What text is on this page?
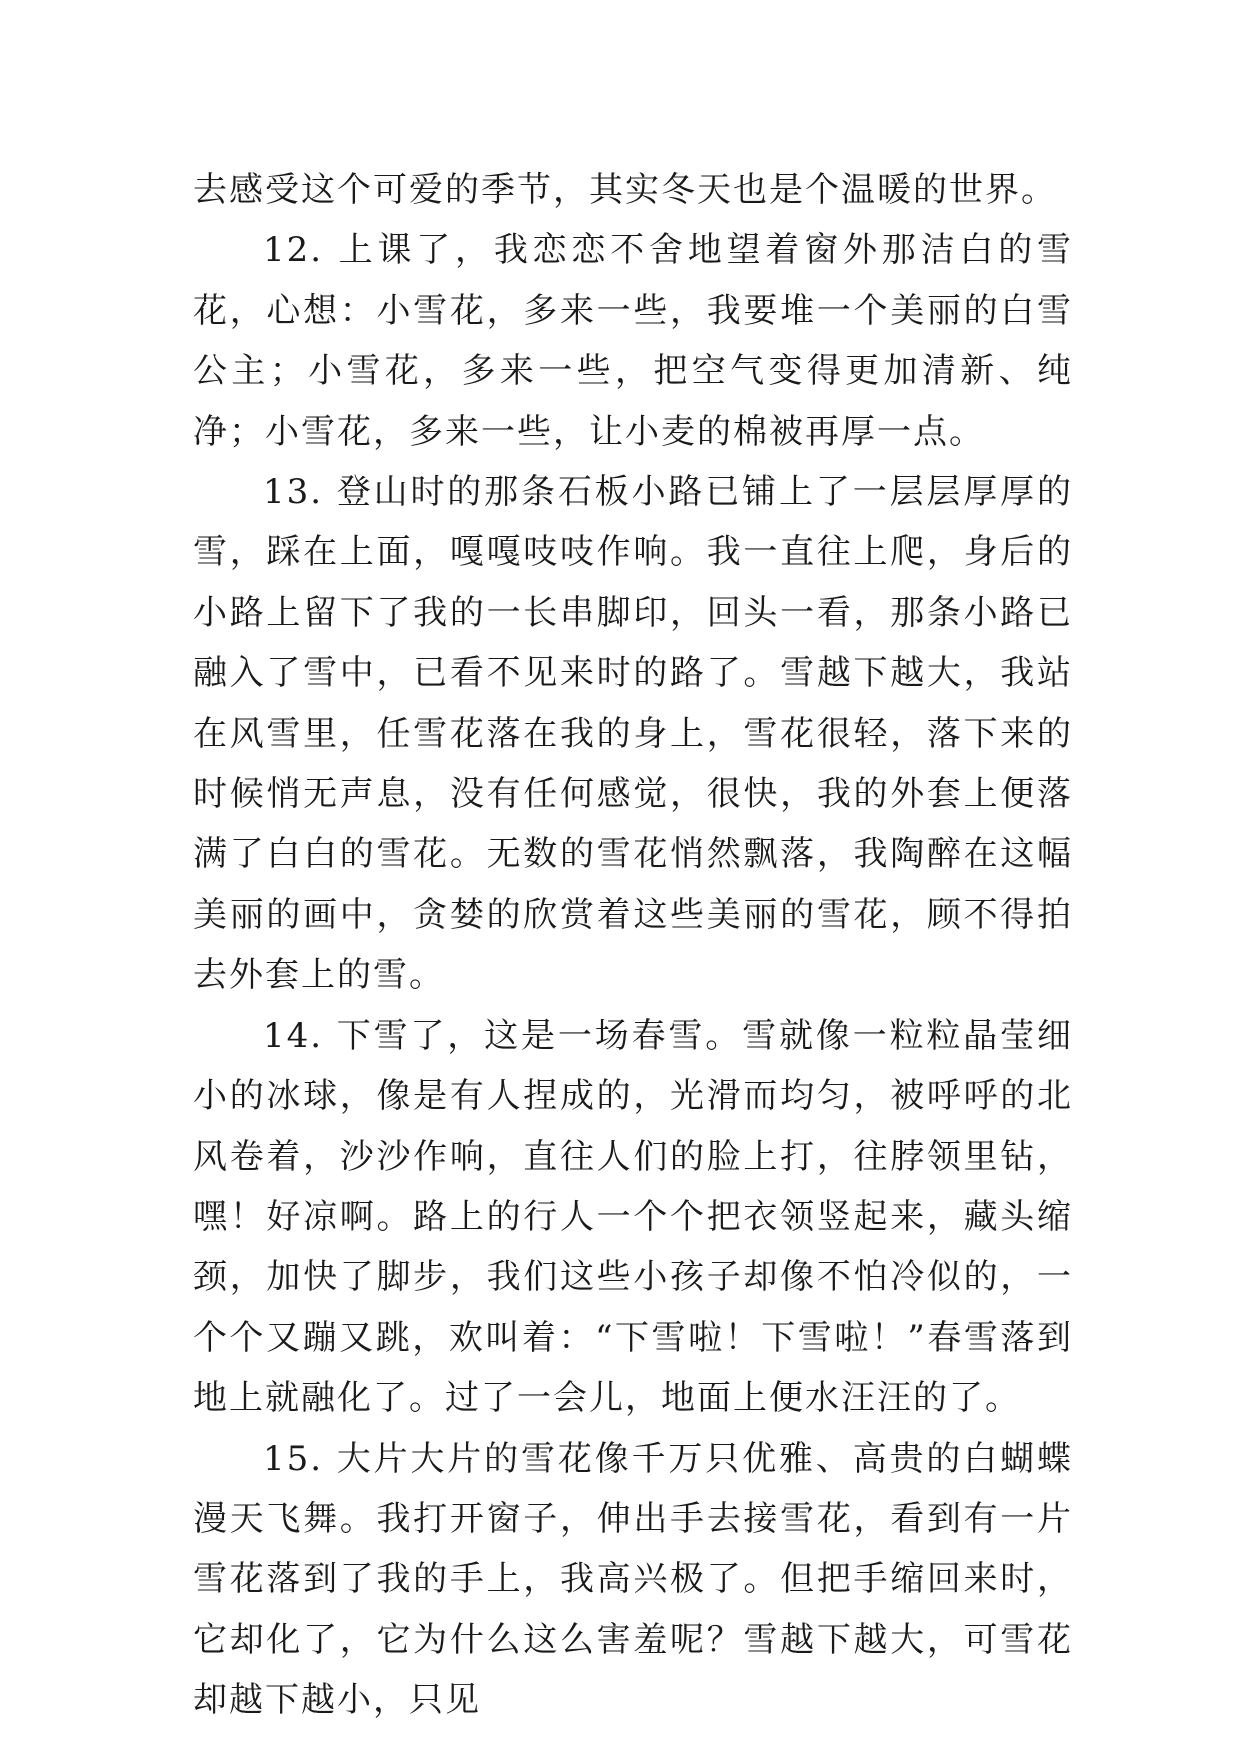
去感受这个可爱的季节，其实冬天也是个温暖的世界。

12. 上课了，我恋恋不舍地望着窗外那洁白的雪花，心想：小雪花，多来一些，我要堆一个美丽的白雪公主；小雪花，多来一些，把空气变得更加清新、纯净；小雪花，多来一些，让小麦的棉被再厚一点。

13. 登山时的那条石板小路已铺上了一层层厚厚的雪，踩在上面，嘎嘎吱吱作响。我一直往上爬，身后的小路上留下了我的一长串脚印，回头一看，那条小路已融入了雪中，已看不见来时的路了。雪越下越大，我站在风雪里，任雪花落在我的身上，雪花很轻，落下来的时候悄无声息，没有任何感觉，很快，我的外套上便落满了白白的雪花。无数的雪花悄然飘落，我陶醉在这幅美丽的画中，贪婪的欣赏着这些美丽的雪花，顾不得拍去外套上的雪。

14. 下雪了，这是一场春雪。雪就像一粒粒晶莹细小的冰球，像是有人捏成的，光滑而均匀，被呼呼的北风卷着，沙沙作响，直往人们的脸上打，往脖领里钻，嘿！好凉啊。路上的行人一个个把衣领竖起来，藏头缩颈，加快了脚步，我们这些小孩子却像不怕冷似的，一个个又蹦又跳，欢叫着：“下雪啦！下雪啦！”春雪落到地上就融化了。过了一会儿，地面上便水汪汪的了。

15. 大片大片的雪花像千万只优雅、高贵的白蝴蝶漫天飞舞。我打开窗子，伸出手去接雪花，看到有一片雪花落到了我的手上，我高兴极了。但把手缩回来时，它却化了，它为什么这么害羞呢？雪越下越大，可雪花却越下越小，只见
